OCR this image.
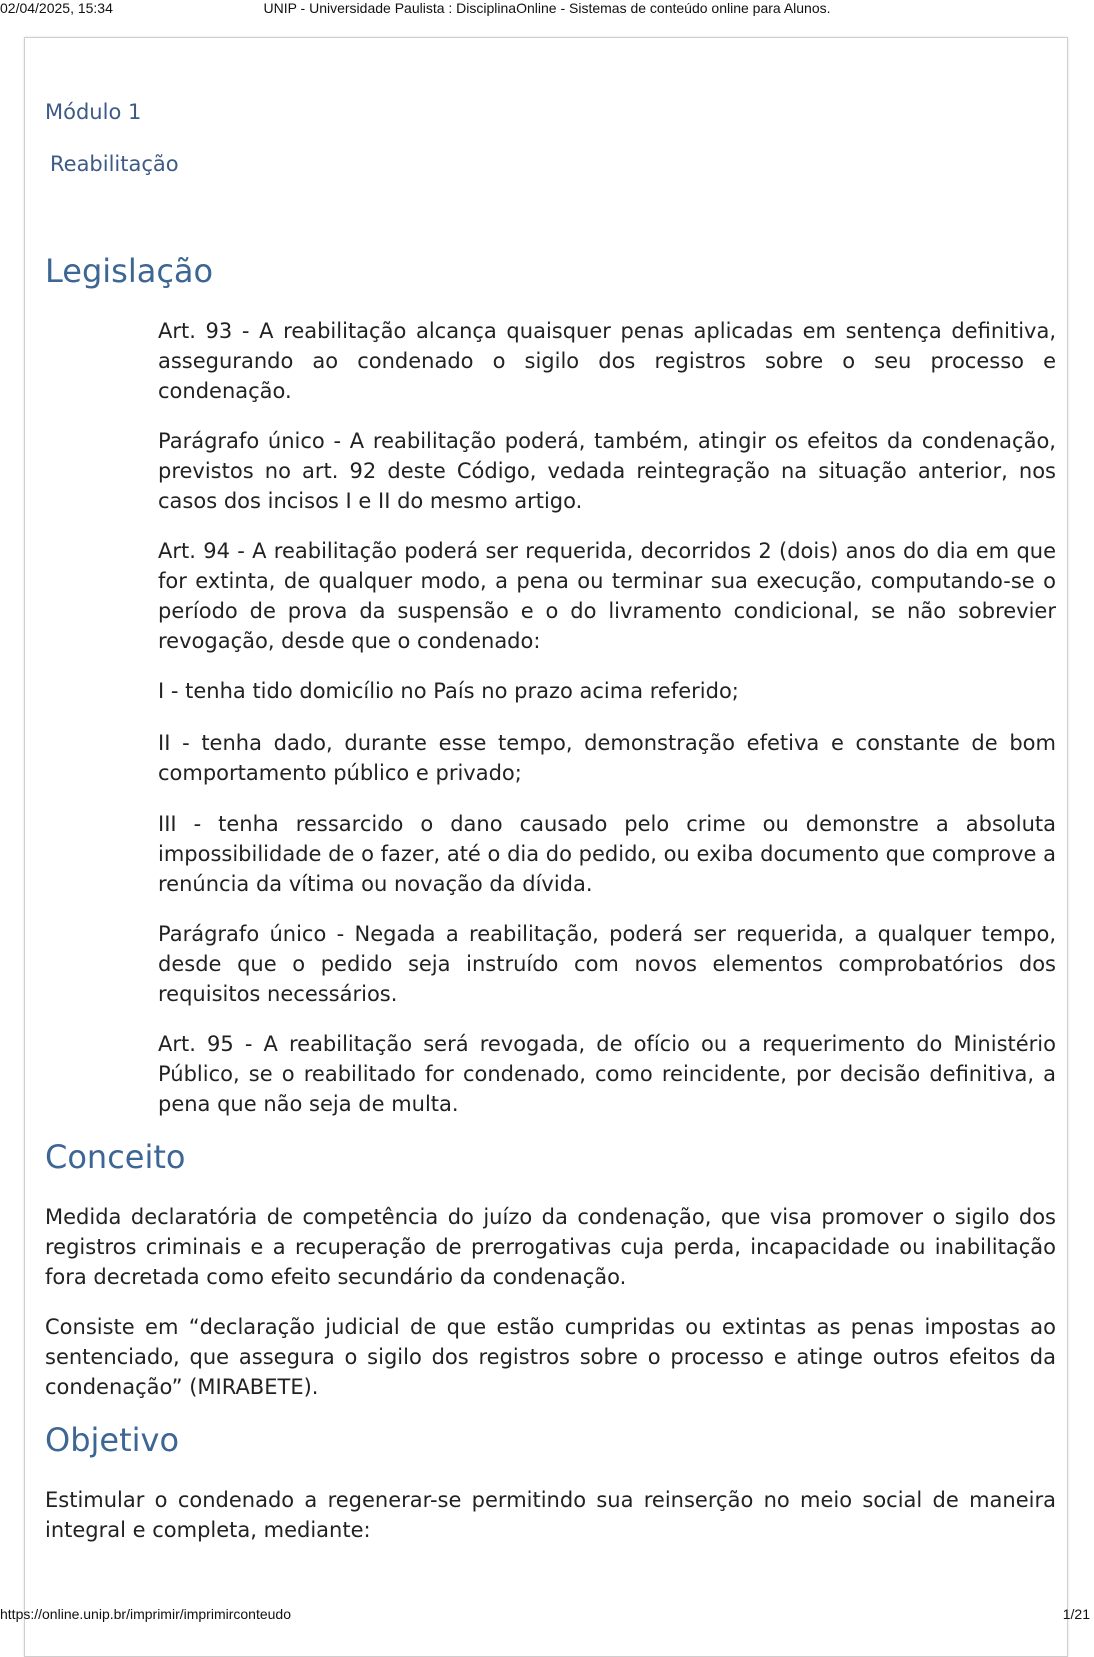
02/04/2025, 15:34	UNIP - Universidade Paulista : DisciplinaOnline - Sistemas de conteúdo online para Alunos.
Módulo 1
Reabilitação
Legislação

Art. 93 - A reabilitação alcança quaisquer penas aplicadas em sentença definitiva, assegurando ao condenado o sigilo dos registros sobre o seu processo e condenação.

Parágrafo único - A reabilitação poderá, também, atingir os efeitos da condenação, previstos no art. 92 deste Código, vedada reintegração na situação anterior, nos casos dos incisos I e II do mesmo artigo.

Art. 94 - A reabilitação poderá ser requerida, decorridos 2 (dois) anos do dia em que for extinta, de qualquer modo, a pena ou terminar sua execução, computando-se o período de prova da suspensão e o do livramento condicional, se não sobrevier revogação, desde que o condenado:

I - tenha tido domicílio no País no prazo acima referido;

II - tenha dado, durante esse tempo, demonstração efetiva e constante de bom comportamento público e privado;

III - tenha ressarcido o dano causado pelo crime ou demonstre a absoluta impossibilidade de o fazer, até o dia do pedido, ou exiba documento que comprove a renúncia da vítima ou novação da dívida.

Parágrafo único - Negada a reabilitação, poderá ser requerida, a qualquer tempo, desde que o pedido seja instruído com novos elementos comprobatórios dos requisitos necessários.

Art. 95 - A reabilitação será revogada, de ofício ou a requerimento do Ministério Público, se o reabilitado for condenado, como reincidente, por decisão definitiva, a pena que não seja de multa.

Conceito

Medida declaratória de competência do juízo da condenação, que visa promover o sigilo dos registros criminais e a recuperação de prerrogativas cuja perda, incapacidade ou inabilitação fora decretada como efeito secundário da condenação.

Consiste em “declaração judicial de que estão cumpridas ou extintas as penas impostas ao sentenciado, que assegura o sigilo dos registros sobre o processo e atinge outros efeitos da condenação” (MIRABETE).

Objetivo

Estimular o condenado a regenerar-se permitindo sua reinserção no meio social de maneira integral e completa, mediante:

https://online.unip.br/imprimir/imprimirconteudo	1/21
